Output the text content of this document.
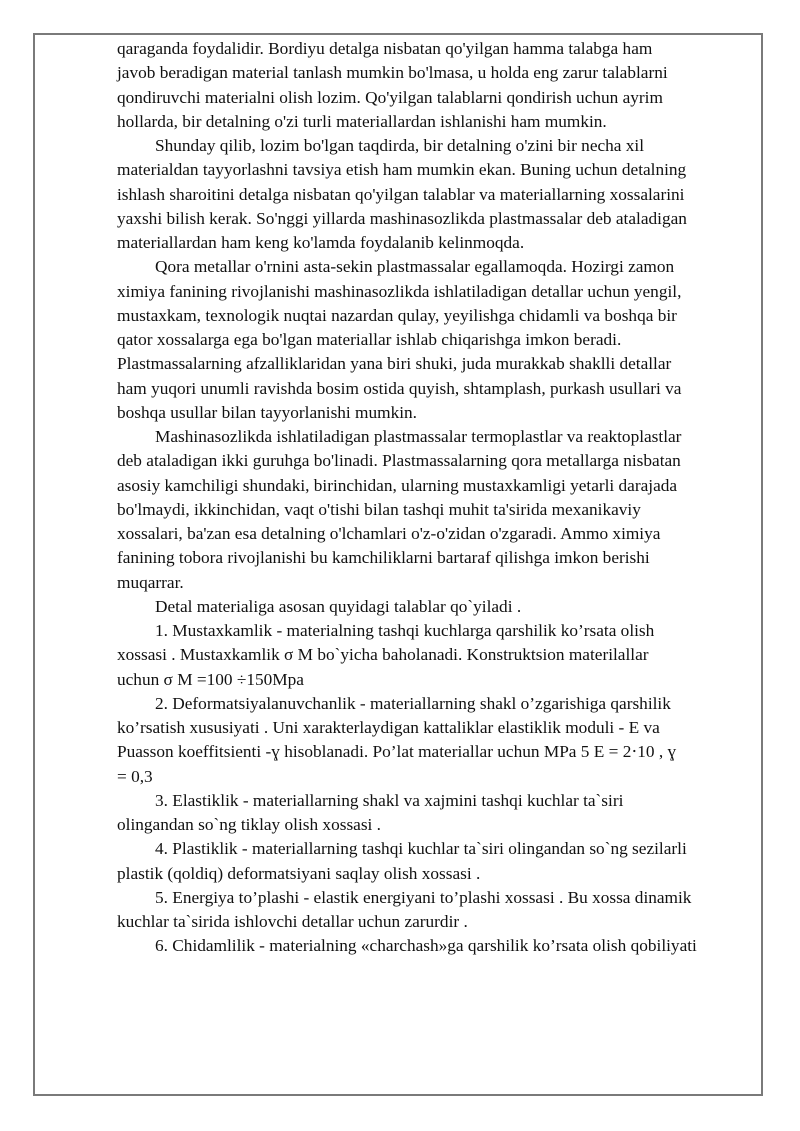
qaraganda foydalidir. Bordiyu detalga nisbatan qo'yilgan hamma talabga ham
javob beradigan material tanlash mumkin bo'lmasa, u holda eng zarur talablarni
qondiruvchi materialni olish lozim. Qo'yilgan talablarni qondirish uchun ayrim
hollarda, bir detalning o'zi turli materiallardan ishlanishi ham mumkin.
Shunday qilib, lozim bo'lgan taqdirda, bir detalning o'zini bir necha xil
materialdan tayyorlashni tavsiya etish ham mumkin ekan. Buning uchun detalning
ishlash sharoitini detalga nisbatan qo'yilgan talablar va materiallarning xossalarini
yaxshi bilish kerak. So'nggi yillarda mashinasozlikda plastmassalar deb ataladigan
materiallardan ham keng ko'lamda foydalanib kelinmoqda.
Qora metallar o'rnini asta-sekin plastmassalar egallamoqda. Hozirgi zamon
ximiya fanining rivojlanishi mashinasozlikda ishlatiladigan detallar uchun yengil,
mustaxkam, texnologik nuqtai nazardan qulay, yeyilishga chidamli va boshqa bir
qator xossalarga ega bo'lgan materiallar ishlab chiqarishga imkon beradi.
Plastmassalarning afzalliklaridan yana biri shuki, juda murakkab shaklli detallar
ham yuqori unumli ravishda bosim ostida quyish, shtamplash, purkash usullari va
boshqa usullar bilan tayyorlanishi mumkin.
Mashinasozlikda ishlatiladigan plastmassalar termoplastlar va reaktoplastlar
deb ataladigan ikki guruhga bo'linadi. Plastmassalarning qora metallarga nisbatan
asosiy kamchiligi shundaki, birinchidan, ularning mustaxkamligi yetarli darajada
bo'lmaydi, ikkinchidan, vaqt o'tishi bilan tashqi muhit ta'sirida mexanikaviy
xossalari, ba'zan esa detalning o'lchamlari o'z-o'zidan o'zgaradi. Ammo ximiya
fanining tobora rivojlanishi bu kamchiliklarni bartaraf qilishga imkon berishi
muqarrar.
Detal materialiga asosan quyidagi talablar qo`yiladi .
1. Mustaxkamlik - materialning tashqi kuchlarga qarshilik ko’rsata olish
xossasi . Mustaxkamlik σ M bo`yicha baholanadi. Konstruktsion materilallar
uchun σ M =100 ÷150Mpa
2. Deformatsiyalanuvchanlik - materiallarning shakl o’zgarishiga qarshilik
ko’rsatish xususiyati . Uni xarakterlaydigan kattaliklar elastiklik moduli - E va
Puasson koeffitsienti -ɣ hisoblanadi. Po’lat materiallar uchun MPa 5 E = 2⋅10 , ɣ
= 0,3
3. Elastiklik - materiallarning shakl va xajmini tashqi kuchlar ta`siri
olingandan so`ng tiklay olish xossasi .
4. Plastiklik - materiallarning tashqi kuchlar ta`siri olingandan so`ng sezilarli
plastik (qoldiq) deformatsiyani saqlay olish xossasi .
5. Energiya to’plashi - elastik energiyani to’plashi xossasi . Bu xossa dinamik
kuchlar ta`sirida ishlovchi detallar uchun zarurdir .
6. Chidamlilik - materialning «charchash»ga qarshilik ko’rsata olish qobiliyati
